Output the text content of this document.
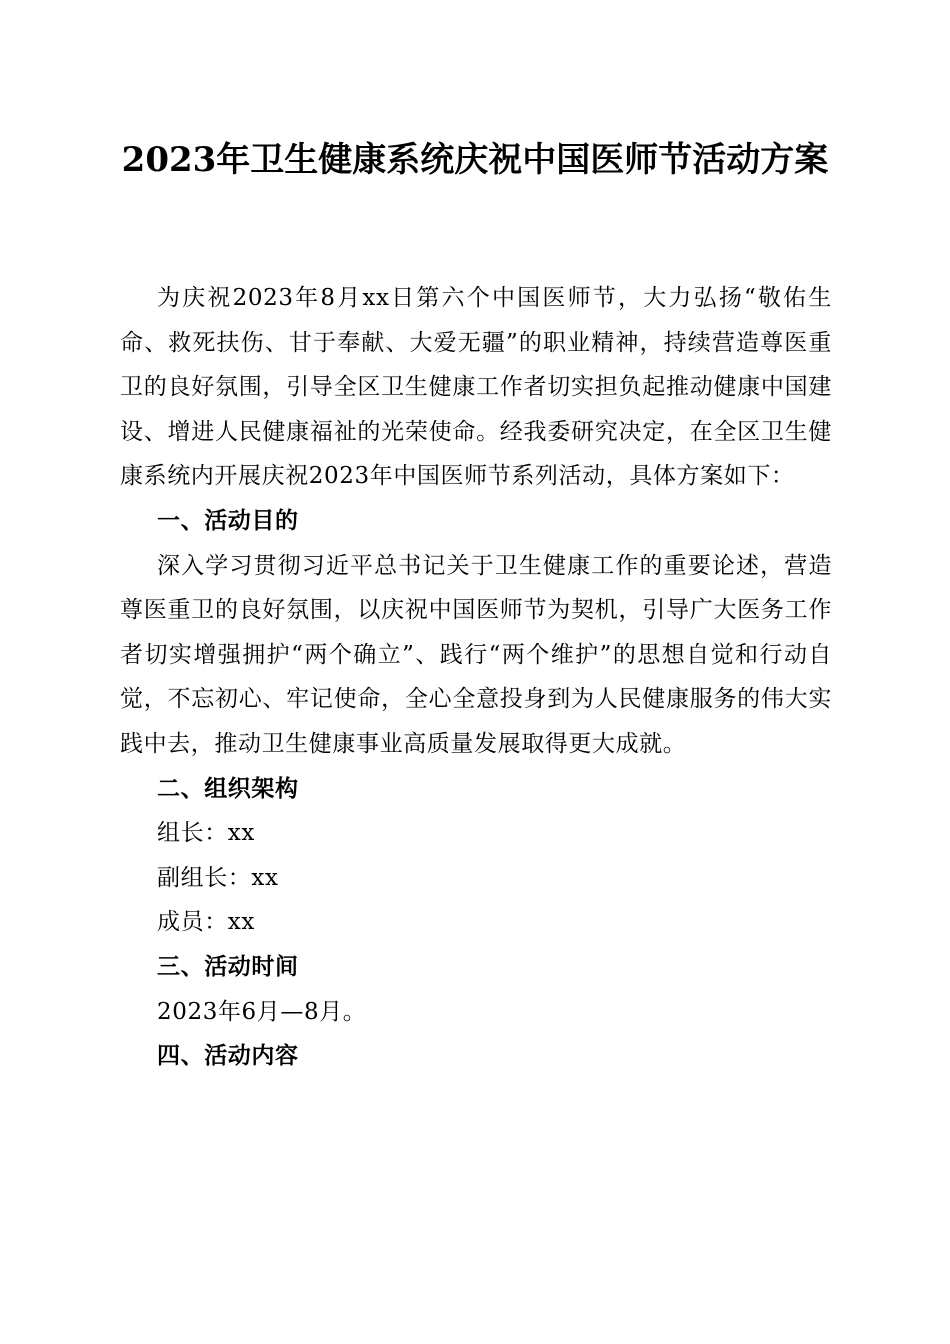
2023年卫生健康系统庆祝中国医师节活动方案

为庆祝2023年8月xx日第六个中国医师节，大力弘扬“敬佑生命、救死扶伤、甘于奉献、大爱无疆”的职业精神，持续营造尊医重卫的良好氛围，引导全区卫生健康工作者切实担负起推动健康中国建设、增进人民健康福祉的光荣使命。经我委研究决定，在全区卫生健康系统内开展庆祝2023年中国医师节系列活动，具体方案如下：

一、活动目的

深入学习贯彻习近平总书记关于卫生健康工作的重要论述，营造尊医重卫的良好氛围，以庆祝中国医师节为契机，引导广大医务工作者切实增强拥护“两个确立”、践行“两个维护”的思想自觉和行动自觉，不忘初心、牢记使命，全心全意投身到为人民健康服务的伟大实践中去，推动卫生健康事业高质量发展取得更大成就。

二、组织架构

组长：xx

副组长：xx

成员：xx

三、活动时间

2023年6月—8月。

四、活动内容
